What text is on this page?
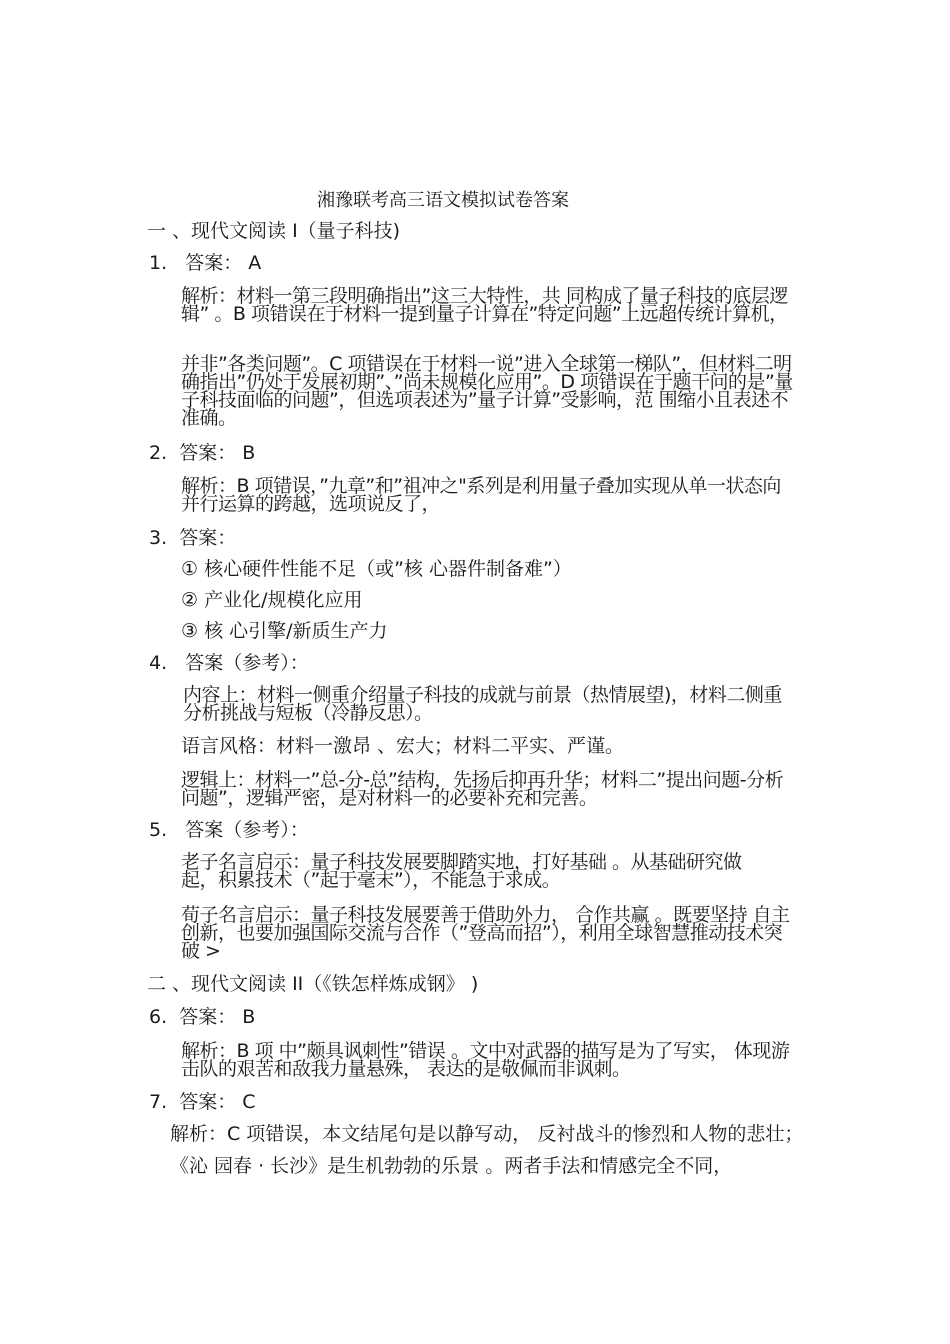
湘豫联考高三语文模拟试卷答案
一 、现代文阅读 I（量子科技)
1.   答案： A
解析：材料一第三段明确指出”这三大特性，共 同构成了量子科技的底层逻辑” 。B 项错误在于材料一提到量子计算在”特定问题”上远超传统计算机，
并非”各类问题”。C 项错误在于材料一说”进入全球第一梯队”，但材料二明确指出”仍处于发展初期”、”尚未规模化应用”。D 项错误在于题干问的是”量子科技面临的问题”，但选项表述为”量子计算”受影响，范 围缩小且表述不准确。
2.  答案： B
解析：B 项错误，”九章”和”祖冲之"系列是利用量子叠加实现从单一状态向并行运算的跨越，选项说反了，
3.  答案：
① 核心硬件性能不足（或”核 心器件制备难”）
② 产业化/规模化应用
③ 核 心引擎/新质生产力
4.   答案（参考）：
内容上：材料一侧重介绍量子科技的成就与前景（热情展望)，材料二侧重分析挑战与短板（冷静反思）。
语言风格：材料一激昂 、宏大；材料二平实、严谨。
逻辑上：材料一”总-分-总”结构，先扬后抑再升华；材料二”提出问题-分析问题”，逻辑严密，是对材料一的必要补充和完善。
5.   答案（参考）：
老子名言启示：量子科技发展要脚踏实地，打好基础 。从基础研究做起，积累技术（”起于毫末”），不能急于求成。
荀子名言启示：量子科技发展要善于借助外力， 合作共赢 。既要坚持 自主创新，也要加强国际交流与合作（”登高而招”），利用全球智慧推动技术突破 >
二 、现代文阅读 II（《铁怎样炼成钢》 )
6.  答案： B
解析：B 项 中”颇具讽刺性”错误 。文中对武器的描写是为了写实， 体现游击队的艰苦和敌我力量悬殊， 表达的是敬佩而非讽刺。
7.  答案： C
解析：C 项错误，本文结尾句是以静写动， 反衬战斗的惨烈和人物的悲壮；
《沁 园春 · 长沙》是生机勃勃的乐景 。两者手法和情感完全不同，
